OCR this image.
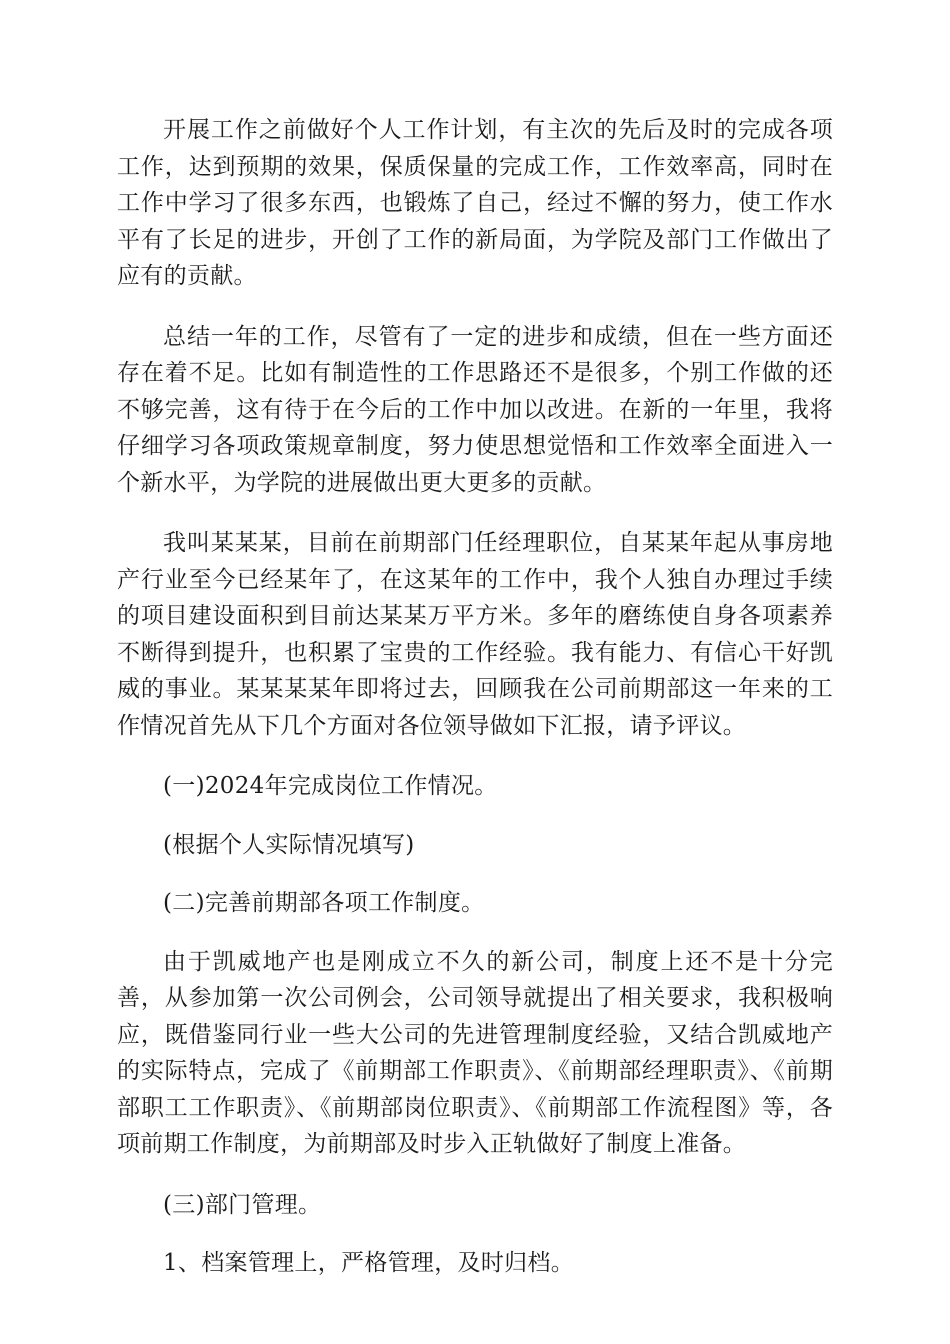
开展工作之前做好个人工作计划，有主次的先后及时的完成各项工作，达到预期的效果，保质保量的完成工作，工作效率高，同时在工作中学习了很多东西，也锻炼了自己，经过不懈的努力，使工作水平有了长足的进步，开创了工作的新局面，为学院及部门工作做出了应有的贡献。

总结一年的工作，尽管有了一定的进步和成绩，但在一些方面还存在着不足。比如有制造性的工作思路还不是很多，个别工作做的还不够完善，这有待于在今后的工作中加以改进。在新的一年里，我将仔细学习各项政策规章制度，努力使思想觉悟和工作效率全面进入一个新水平，为学院的进展做出更大更多的贡献。

我叫某某某，目前在前期部门任经理职位，自某某年起从事房地产行业至今已经某年了，在这某年的工作中，我个人独自办理过手续的项目建设面积到目前达某某万平方米。多年的磨练使自身各项素养不断得到提升，也积累了宝贵的工作经验。我有能力、有信心干好凯威的事业。某某某某年即将过去，回顾我在公司前期部这一年来的工作情况首先从下几个方面对各位领导做如下汇报，请予评议。

(一)2024年完成岗位工作情况。

(根据个人实际情况填写)

(二)完善前期部各项工作制度。

由于凯威地产也是刚成立不久的新公司，制度上还不是十分完善，从参加第一次公司例会，公司领导就提出了相关要求，我积极响应，既借鉴同行业一些大公司的先进管理制度经验，又结合凯威地产的实际特点，完成了《前期部工作职责》、《前期部经理职责》、《前期部职工工作职责》、《前期部岗位职责》、《前期部工作流程图》等，各项前期工作制度，为前期部及时步入正轨做好了制度上准备。

(三)部门管理。

1、档案管理上，严格管理，及时归档。
